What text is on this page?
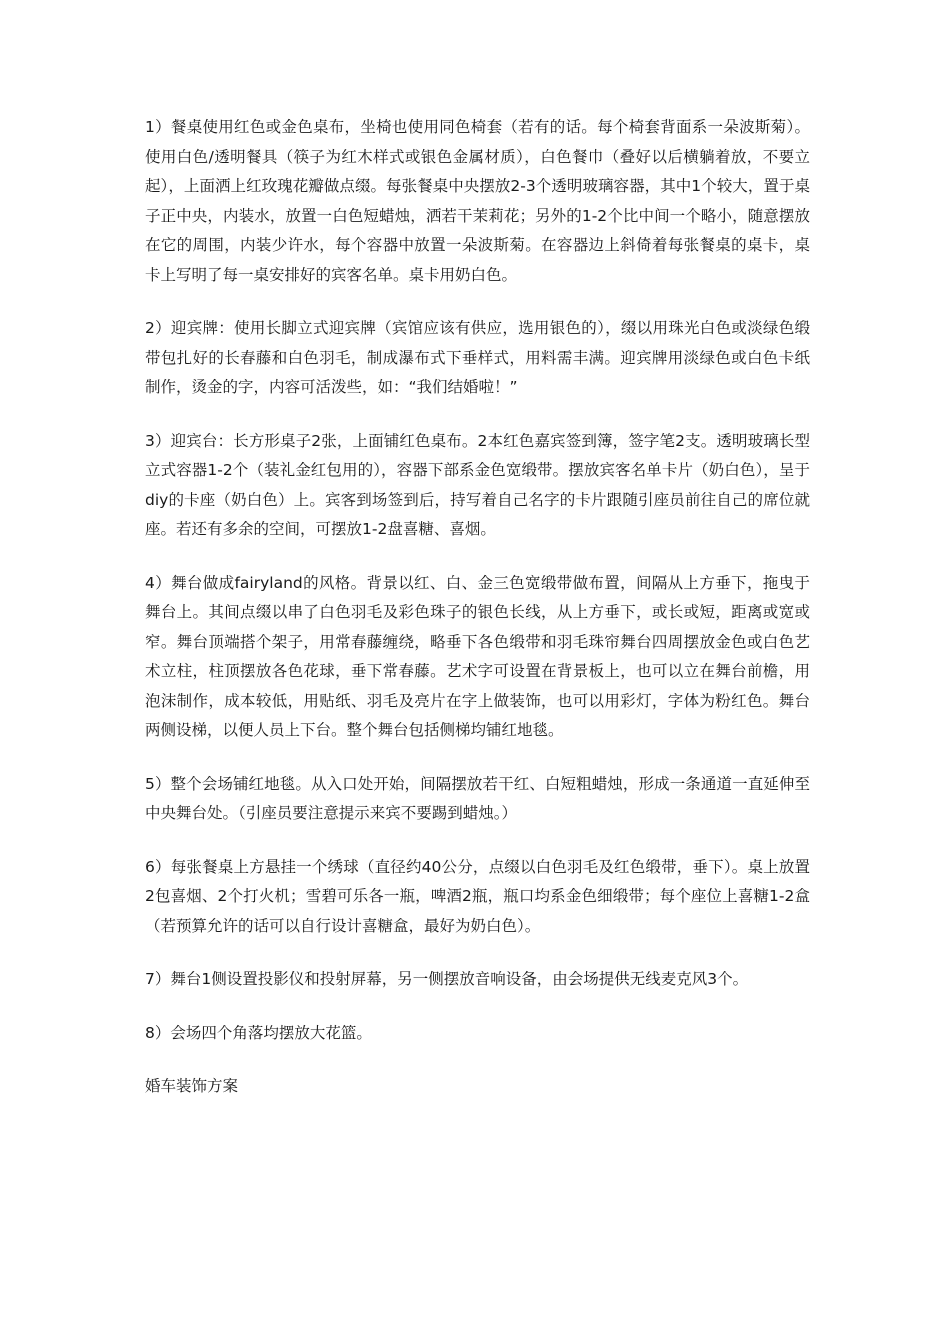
1）餐桌使用红色或金色桌布，坐椅也使用同色椅套（若有的话。每个椅套背面系一朵波斯菊）。使用白色/透明餐具（筷子为红木样式或银色金属材质），白色餐巾（叠好以后横躺着放，不要立起），上面洒上红玫瑰花瓣做点缀。每张餐桌中央摆放2-3个透明玻璃容器，其中1个较大，置于桌子正中央，内装水，放置一白色短蜡烛，洒若干茉莉花；另外的1-2个比中间一个略小，随意摆放在它的周围，内装少许水，每个容器中放置一朵波斯菊。在容器边上斜倚着每张餐桌的桌卡，桌卡上写明了每一桌安排好的宾客名单。桌卡用奶白色。

2）迎宾牌：使用长脚立式迎宾牌（宾馆应该有供应，选用银色的），缀以用珠光白色或淡绿色缎带包扎好的长春藤和白色羽毛，制成瀑布式下垂样式，用料需丰满。迎宾牌用淡绿色或白色卡纸制作，烫金的字，内容可活泼些，如：“我们结婚啦！”

3）迎宾台：长方形桌子2张，上面铺红色桌布。2本红色嘉宾签到簿，签字笔2支。透明玻璃长型立式容器1-2个（装礼金红包用的），容器下部系金色宽缎带。摆放宾客名单卡片（奶白色），呈于diy的卡座（奶白色）上。宾客到场签到后，持写着自己名字的卡片跟随引座员前往自己的席位就座。若还有多余的空间，可摆放1-2盘喜糖、喜烟。

4）舞台做成fairyland的风格。背景以红、白、金三色宽缎带做布置，间隔从上方垂下，拖曳于舞台上。其间点缀以串了白色羽毛及彩色珠子的银色长线，从上方垂下，或长或短，距离或宽或窄。舞台顶端搭个架子，用常春藤缠绕，略垂下各色缎带和羽毛珠帘舞台四周摆放金色或白色艺术立柱，柱顶摆放各色花球，垂下常春藤。艺术字可设置在背景板上，也可以立在舞台前檐，用泡沫制作，成本较低，用贴纸、羽毛及亮片在字上做装饰，也可以用彩灯，字体为粉红色。舞台两侧设梯，以便人员上下台。整个舞台包括侧梯均铺红地毯。

5）整个会场铺红地毯。从入口处开始，间隔摆放若干红、白短粗蜡烛，形成一条通道一直延伸至中央舞台处。（引座员要注意提示来宾不要踢到蜡烛。）

6）每张餐桌上方悬挂一个绣球（直径约40公分，点缀以白色羽毛及红色缎带，垂下）。桌上放置2包喜烟、2个打火机；雪碧可乐各一瓶，啤酒2瓶，瓶口均系金色细缎带；每个座位上喜糖1-2盒（若预算允许的话可以自行设计喜糖盒，最好为奶白色）。

7）舞台1侧设置投影仪和投射屏幕，另一侧摆放音响设备，由会场提供无线麦克风3个。

8）会场四个角落均摆放大花篮。

婚车装饰方案
